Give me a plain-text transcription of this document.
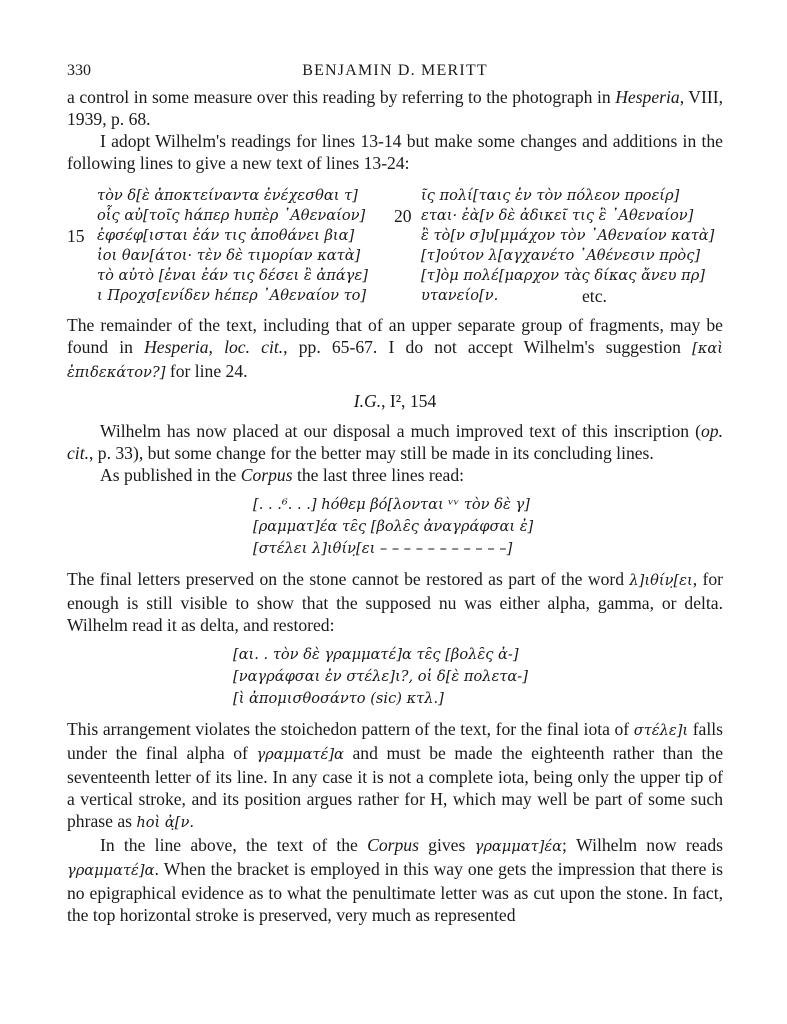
330	BENJAMIN D. MERITT

a control in some measure over this reading by referring to the photograph in Hesperia, VIII, 1939, p. 68.

I adopt Wilhelm's readings for lines 13-14 but make some changes and additions in the following lines to give a new text of lines 13-24:

τὸν δ[ὲ ἀποκτείναντα ἐνέχεσθαι τ]
οἷς αὐ[τοῖς hάπερ hυπὲρ ᾿Αθεναίον]
15 ἐφσέφ[ισται ἐάν τις ἀποθάνει βια]
ἰοι θαν[άτοι· τὲν δὲ τιμορίαν κατὰ]
τὸ αὐτὸ [ἐναι ἐάν τις δέσει ἒ ἀπάγε]
ι Προχσ[ενίδεν hέπερ ᾿Αθεναίον το]
ῖς πολί[ταις ἐν τὸν πόλεον προείρ]
20 εται· ἐὰ[ν δὲ ἀδικεῖ τις ἒ ᾿Αθεναίον]
ἒ τὸ[ν σ]υ[μμάχον τὸν ᾿Αθεναίον κατὰ]
[τ]ούτον λ[αγχανέτο ᾿Αθένεσιν πρὸς]
[τ]ὸμ πολέ[μαρχον τὰς δίκας ἄνευ πρ]
υτανείο[ν.	etc.

The remainder of the text, including that of an upper separate group of fragments, may be found in Hesperia, loc. cit., pp. 65-67. I do not accept Wilhelm's suggestion [καὶ ἐπιδεκάτον?] for line 24.

I.G., I², 154

Wilhelm has now placed at our disposal a much improved text of this inscription (op. cit., p. 33), but some change for the better may still be made in its concluding lines.

As published in the Corpus the last three lines read:

[. . .⁶. . .] hόθεμ βό[λονται ᵛᵛ τὸν δὲ γ]
[ραμματ]έα τε̑ς [βολε̑ς ἀναγράφσαι ἐ]
[στέλει λ]ιθίν̣[ει – – – – – – – – – – –]

The final letters preserved on the stone cannot be restored as part of the word λ]ιθίν̣[ει, for enough is still visible to show that the supposed nu was either alpha, gamma, or delta. Wilhelm read it as delta, and restored:

[αι. . τὸν δὲ γραμματέ]α τε̑ς [βολε̑ς ἀ-]
[ναγράφσαι ἐν στέλε]ι?, οἱ δ[ὲ πολετα-]
[ὶ ἀπομισθοσάντο (sic) κτλ.]

This arrangement violates the stoichedon pattern of the text, for the final iota of στέλε]ι falls under the final alpha of γραμματέ]α and must be made the eighteenth rather than the seventeenth letter of its line. In any case it is not a complete iota, being only the upper tip of a vertical stroke, and its position argues rather for H, which may well be part of some such phrase as hοὶ ἀ̣[ν.

In the line above, the text of the Corpus gives γραμματ]έα; Wilhelm now reads γραμματέ]α. When the bracket is employed in this way one gets the impression that there is no epigraphical evidence as to what the penultimate letter was as cut upon the stone. In fact, the top horizontal stroke is preserved, very much as represented
